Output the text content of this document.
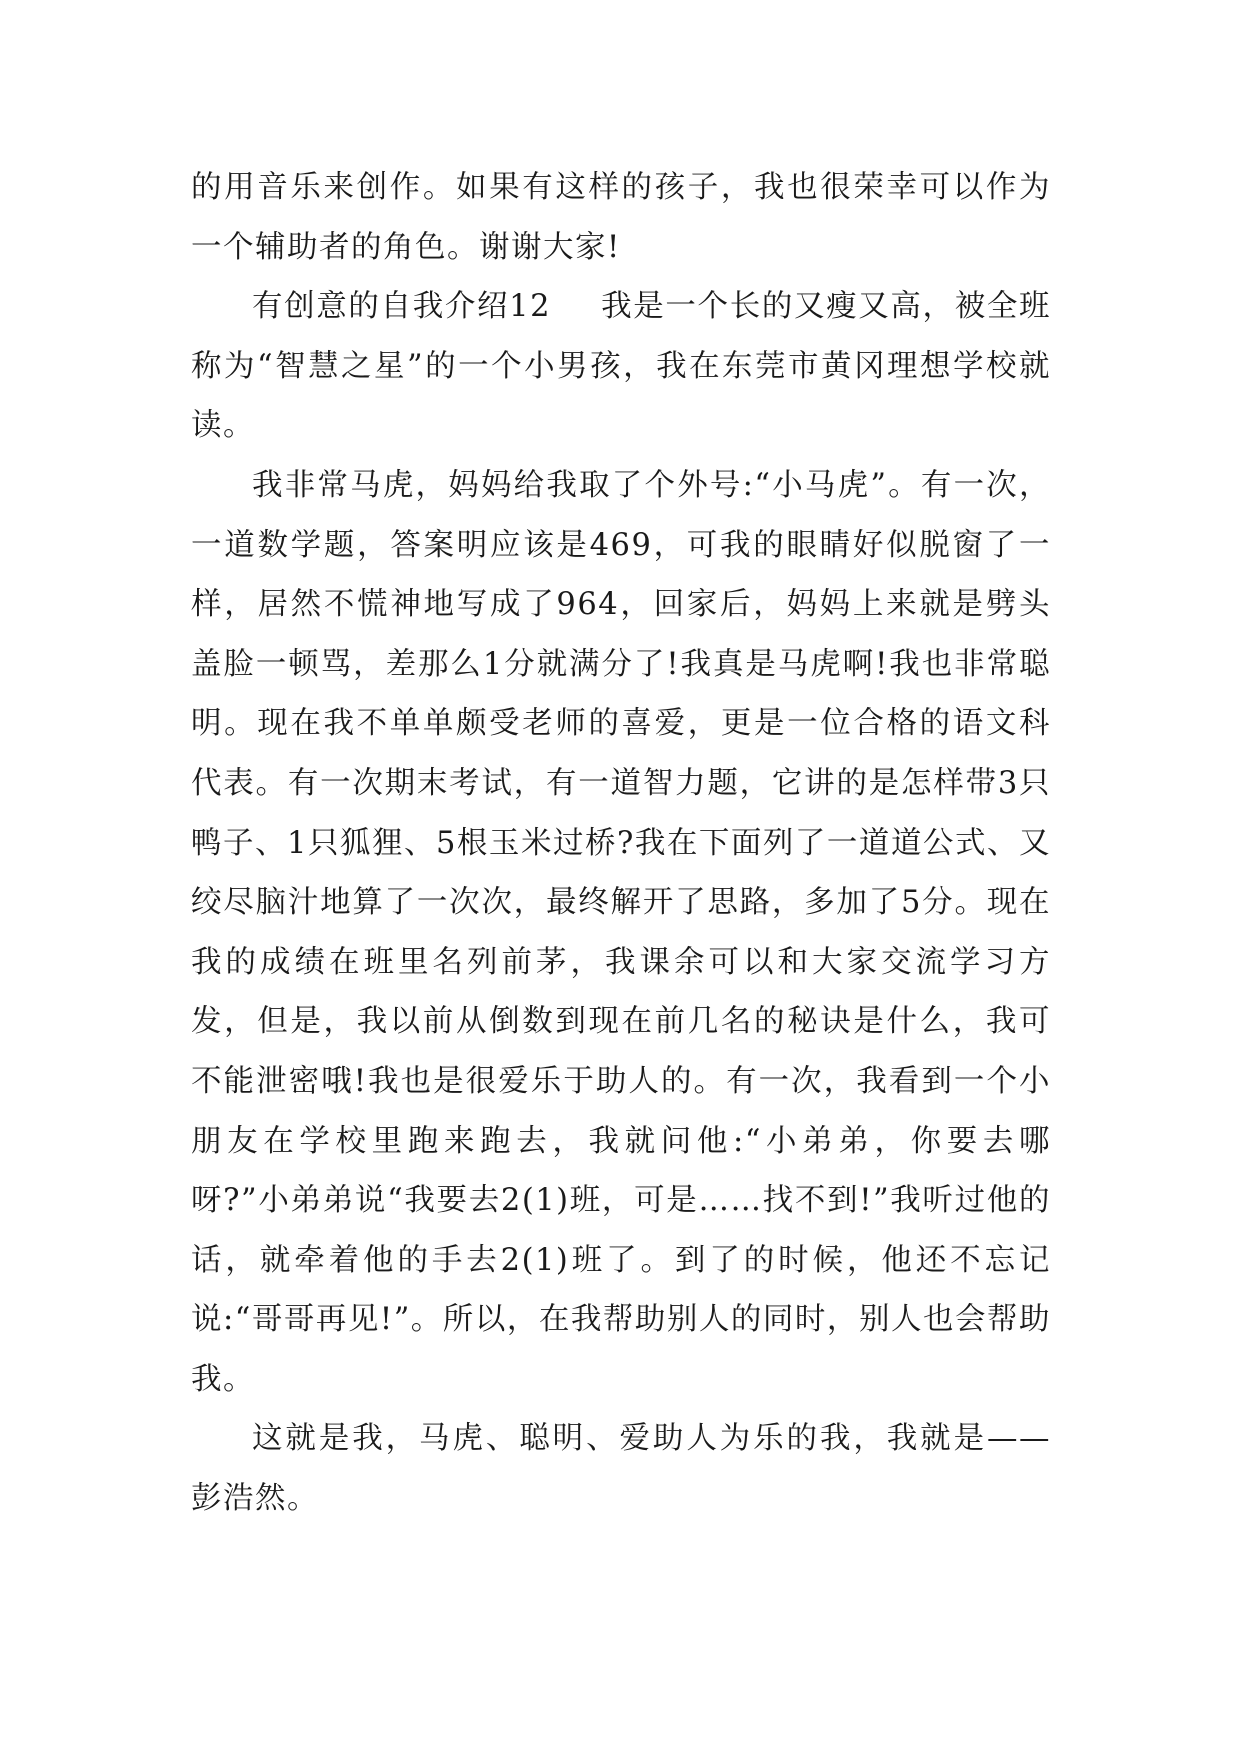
的用音乐来创作。如果有这样的孩子，我也很荣幸可以作为一个辅助者的角色。谢谢大家!

有创意的自我介绍12 我是一个长的又瘦又高，被全班称为“智慧之星”的一个小男孩，我在东莞市黄冈理想学校就读。

我非常马虎，妈妈给我取了个外号:“小马虎”。有一次，一道数学题，答案明应该是469，可我的眼睛好似脱窗了一样，居然不慌神地写成了964，回家后，妈妈上来就是劈头盖脸一顿骂，差那么1分就满分了!我真是马虎啊!我也非常聪明。现在我不单单颇受老师的喜爱，更是一位合格的语文科代表。有一次期末考试，有一道智力题，它讲的是怎样带3只鸭子、1只狐狸、5根玉米过桥?我在下面列了一道道公式、又绞尽脑汁地算了一次次，最终解开了思路，多加了5分。现在我的成绩在班里名列前茅，我课余可以和大家交流学习方发，但是，我以前从倒数到现在前几名的秘诀是什么，我可不能泄密哦!我也是很爱乐于助人的。有一次，我看到一个小朋友在学校里跑来跑去，我就问他:“小弟弟，你要去哪呀?”小弟弟说“我要去2(1)班，可是……找不到!”我听过他的话，就牵着他的手去2(1)班了。到了的时候，他还不忘记说:“哥哥再见!”。所以，在我帮助别人的同时，别人也会帮助我。

这就是我，马虎、聪明、爱助人为乐的我，我就是——彭浩然。
